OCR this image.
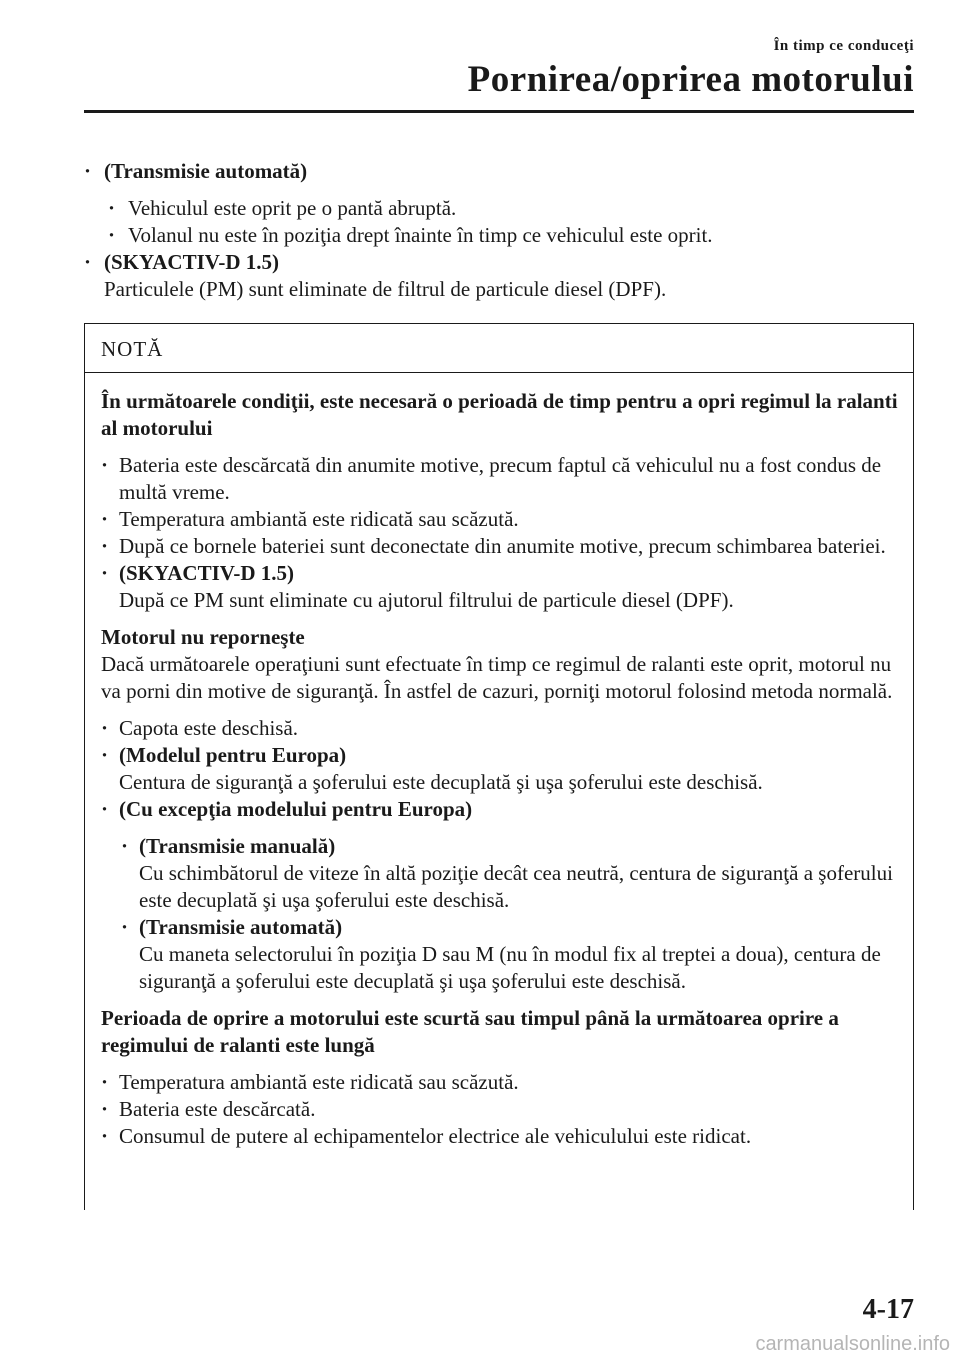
În timp ce conduceţi
Pornirea/oprirea motorului
· (Transmisie automată)
· Vehiculul este oprit pe o pantă abruptă.
· Volanul nu este în poziţia drept înainte în timp ce vehiculul este oprit.
· (SKYACTIV-D 1.5)
Particulele (PM) sunt eliminate de filtrul de particule diesel (DPF).
NOTĂ
În următoarele condiţii, este necesară o perioadă de timp pentru a opri regimul la ralanti al motorului
· Bateria este descărcată din anumite motive, precum faptul că vehiculul nu a fost condus de multă vreme.
· Temperatura ambiantă este ridicată sau scăzută.
· După ce bornele bateriei sunt deconectate din anumite motive, precum schimbarea bateriei.
· (SKYACTIV-D 1.5)
După ce PM sunt eliminate cu ajutorul filtrului de particule diesel (DPF).
Motorul nu reporneşte
Dacă următoarele operaţiuni sunt efectuate în timp ce regimul de ralanti este oprit, motorul nu va porni din motive de siguranţă. În astfel de cazuri, porniţi motorul folosind metoda normală.
· Capota este deschisă.
· (Modelul pentru Europa)
Centura de siguranţă a şoferului este decuplată şi uşa şoferului este deschisă.
· (Cu excepţia modelului pentru Europa)
· (Transmisie manuală)
Cu schimbătorul de viteze în altă poziţie decât cea neutră, centura de siguranţă a şoferului este decuplată şi uşa şoferului este deschisă.
· (Transmisie automată)
Cu maneta selectorului în poziţia D sau M (nu în modul fix al treptei a doua), centura de siguranţă a şoferului este decuplată şi uşa şoferului este deschisă.
Perioada de oprire a motorului este scurtă sau timpul până la următoarea oprire a regimului de ralanti este lungă
· Temperatura ambiantă este ridicată sau scăzută.
· Bateria este descărcată.
· Consumul de putere al echipamentelor electrice ale vehiculului este ridicat.
4-17
carmanualsonline.info
